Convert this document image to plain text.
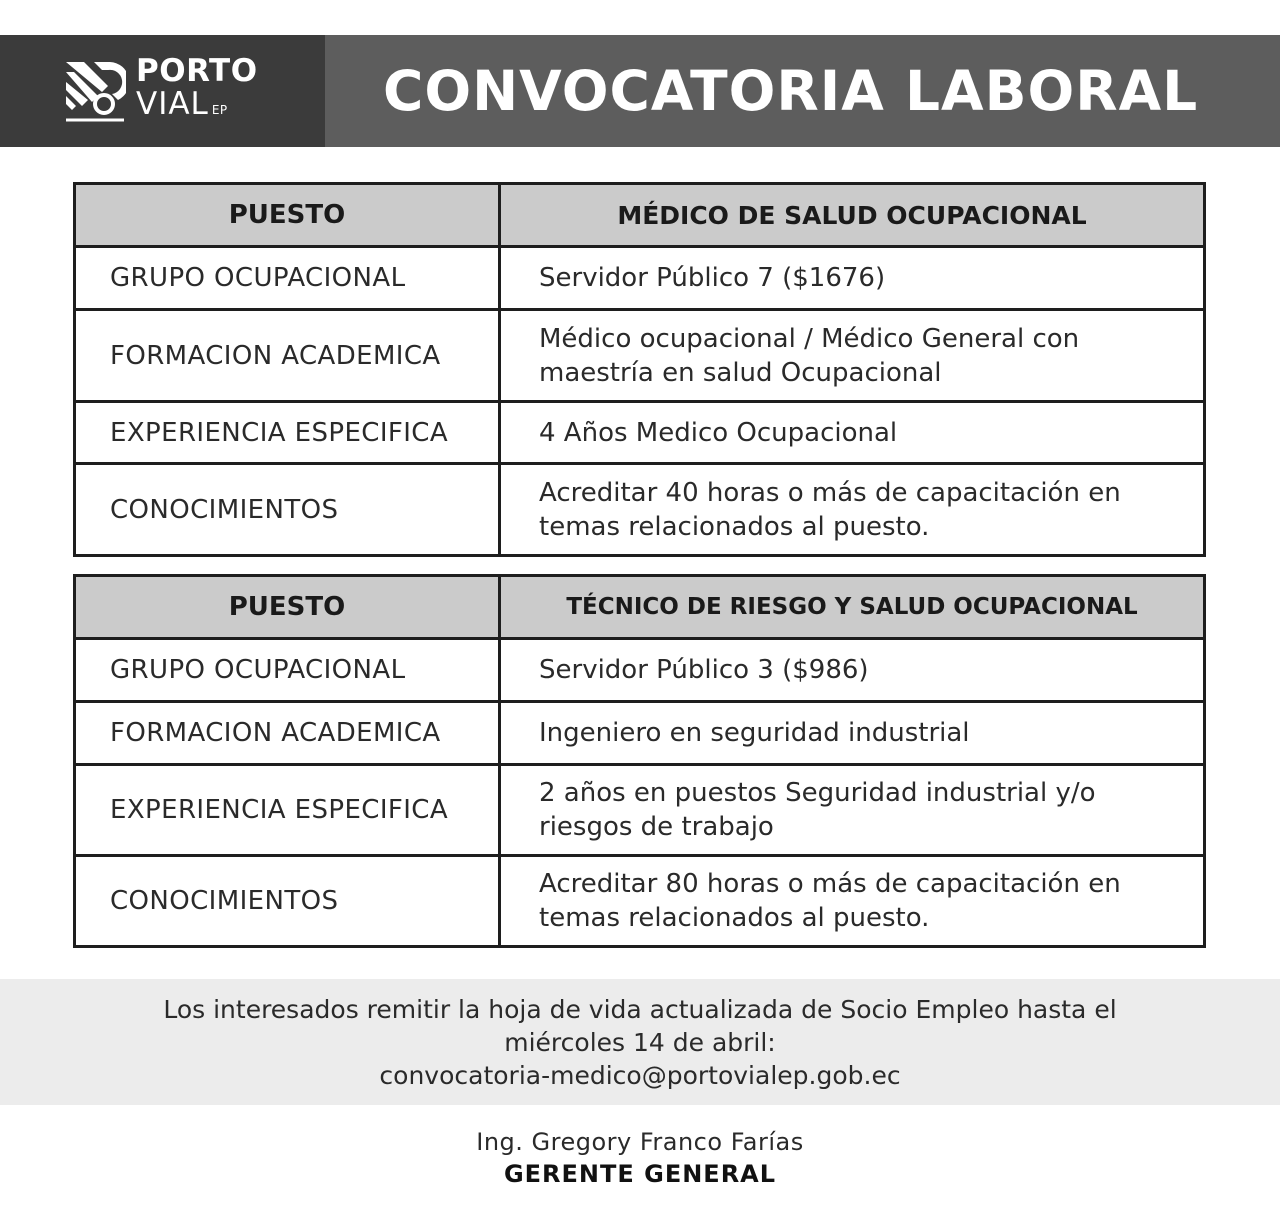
PORTO
VIAL EP	CONVOCATORIA LABORAL
PUESTO	MÉDICO DE SALUD OCUPACIONAL
GRUPO OCUPACIONAL	Servidor Público 7 ($1676)
FORMACION ACADEMICA	Médico ocupacional / Médico General con maestría en salud Ocupacional
EXPERIENCIA ESPECIFICA	4 Años Medico Ocupacional
CONOCIMIENTOS	Acreditar 40 horas o más de capacitación en temas relacionados al puesto.
PUESTO	TÉCNICO DE RIESGO Y SALUD OCUPACIONAL
GRUPO OCUPACIONAL	Servidor Público 3 ($986)
FORMACION ACADEMICA	Ingeniero en seguridad industrial
EXPERIENCIA ESPECIFICA	2 años en puestos Seguridad industrial y/o riesgos de trabajo
CONOCIMIENTOS	Acreditar 80 horas o más de capacitación en temas relacionados al puesto.

Los interesados remitir la hoja de vida actualizada de Socio Empleo hasta el

miércoles 14 de abril:

convocatoria-medico@portovialep.gob.ec

Ing. Gregory Franco Farías
GERENTE GENERAL
